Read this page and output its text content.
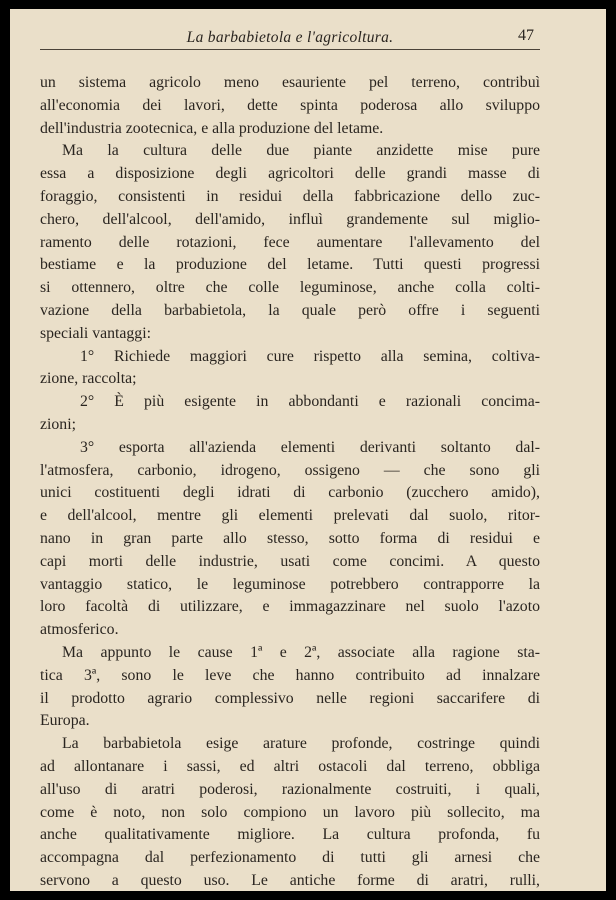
La barbabietola e l'agricoltura.	47
un sistema agricolo meno esauriente pel terreno, contribuì
all'economia dei lavori, dette spinta poderosa allo sviluppo
dell'industria zootecnica, e alla produzione del letame.
Ma la cultura delle due piante anzidette mise pure
essa a disposizione degli agricoltori delle grandi masse di
foraggio, consistenti in residui della fabbricazione dello zuc-
chero, dell'alcool, dell'amido, influì grandemente sul miglio-
ramento delle rotazioni, fece aumentare l'allevamento del
bestiame e la produzione del letame. Tutti questi progressi
si ottennero, oltre che colle leguminose, anche colla colti-
vazione della barbabietola, la quale però offre i seguenti
speciali vantaggi:
1° Richiede maggiori cure rispetto alla semina, coltiva-
zione, raccolta;
2° È più esigente in abbondanti e razionali concima-
zioni;
3° esporta all'azienda elementi derivanti soltanto dal-
l'atmosfera, carbonio, idrogeno, ossigeno — che sono gli
unici costituenti degli idrati di carbonio (zucchero amido),
e dell'alcool, mentre gli elementi prelevati dal suolo, ritor-
nano in gran parte allo stesso, sotto forma di residui e
capi morti delle industrie, usati come concimi. A questo
vantaggio statico, le leguminose potrebbero contrapporre la
loro facoltà di utilizzare, e immagazzinare nel suolo l'azoto
atmosferico.
Ma appunto le cause 1ª e 2ª, associate alla ragione sta-
tica 3ª, sono le leve che hanno contribuito ad innalzare
il prodotto agrario complessivo nelle regioni saccarifere di
Europa.
La barbabietola esige arature profonde, costringe quindi
ad allontanare i sassi, ed altri ostacoli dal terreno, obbliga
all'uso di aratri poderosi, razionalmente costruiti, i quali,
come è noto, non solo compiono un lavoro più sollecito, ma
anche qualitativamente migliore. La cultura profonda, fu
accompagna dal perfezionamento di tutti gli arnesi che
servono a questo uso. Le antiche forme di aratri, rulli,
